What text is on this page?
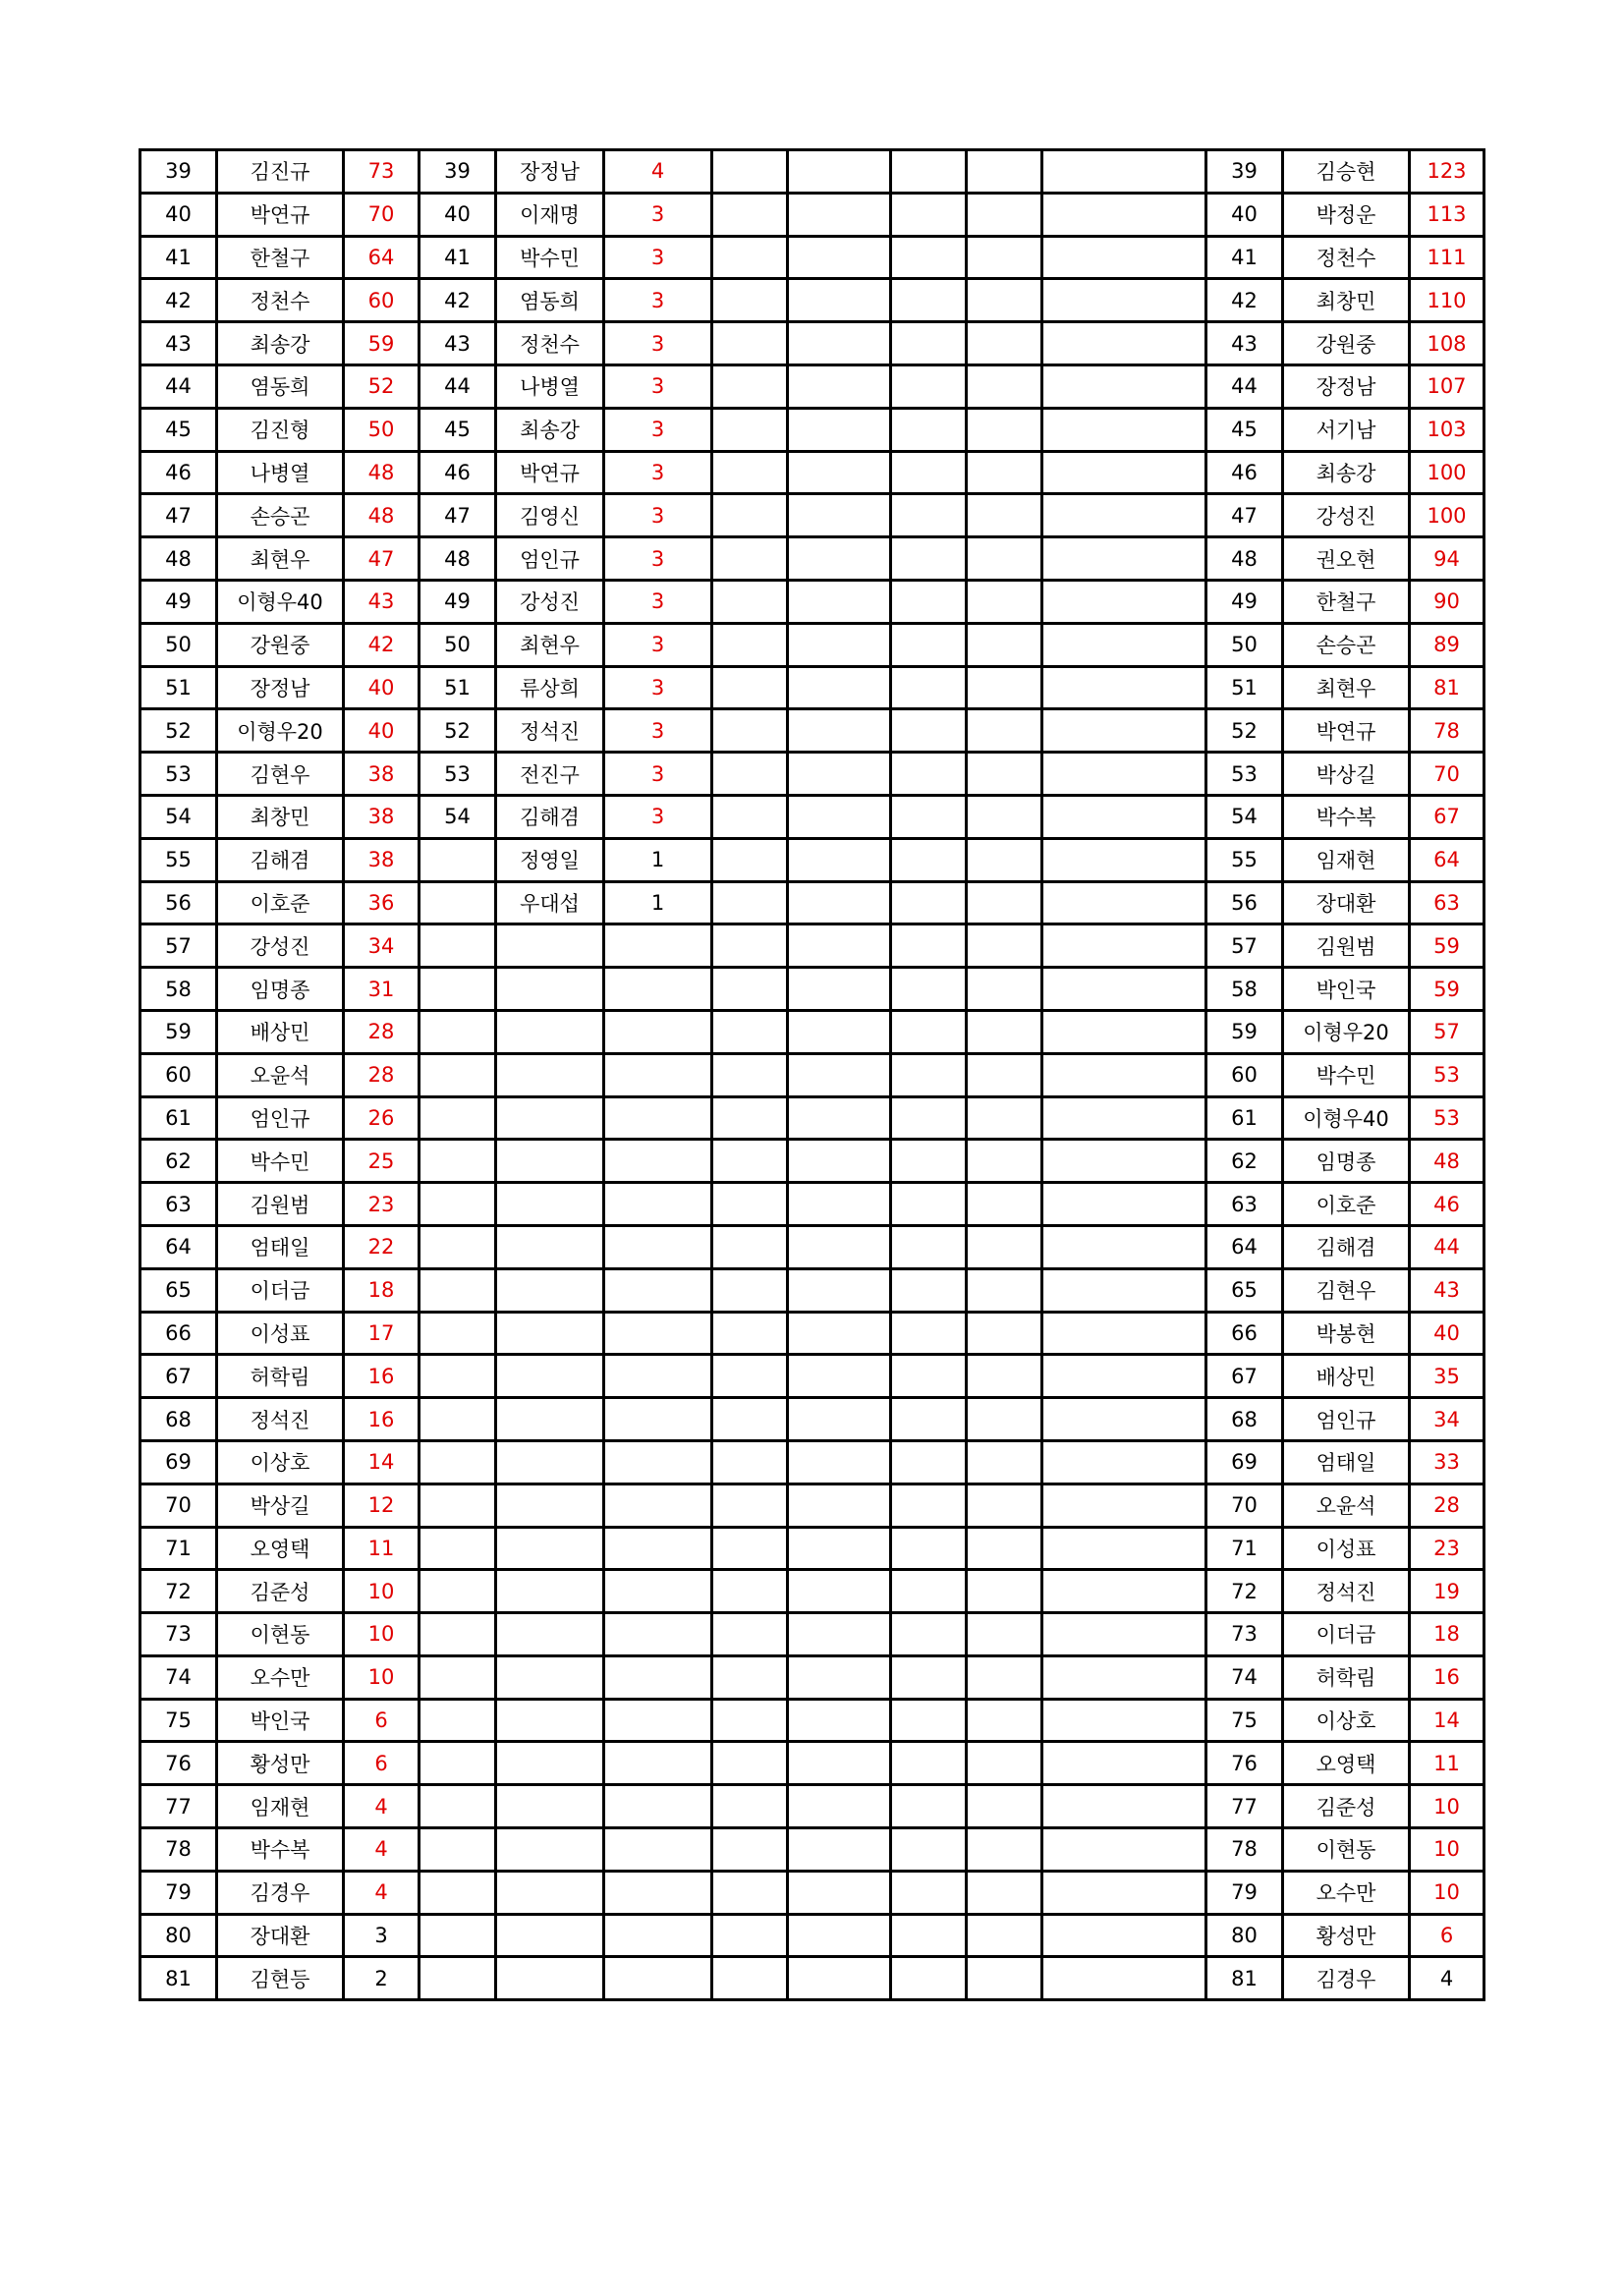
39	김진규	73	39	장정남	4						39	김승현	123
40	박연규	70	40	이재명	3						40	박정운	113
41	한철구	64	41	박수민	3						41	정천수	111
42	정천수	60	42	염동희	3						42	최창민	110
43	최송강	59	43	정천수	3						43	강원중	108
44	염동희	52	44	나병열	3						44	장정남	107
45	김진형	50	45	최송강	3						45	서기남	103
46	나병열	48	46	박연규	3						46	최송강	100
47	손승곤	48	47	김영신	3						47	강성진	100
48	최현우	47	48	엄인규	3						48	권오현	94
49	이형우40	43	49	강성진	3						49	한철구	90
50	강원중	42	50	최현우	3						50	손승곤	89
51	장정남	40	51	류상희	3						51	최현우	81
52	이형우20	40	52	정석진	3						52	박연규	78
53	김현우	38	53	전진구	3						53	박상길	70
54	최창민	38	54	김해겸	3						54	박수복	67
55	김해겸	38		정영일	1						55	임재현	64
56	이호준	36		우대섭	1						56	장대환	63
57	강성진	34									57	김원범	59
58	임명종	31									58	박인국	59
59	배상민	28									59	이형우20	57
60	오윤석	28									60	박수민	53
61	엄인규	26									61	이형우40	53
62	박수민	25									62	임명종	48
63	김원범	23									63	이호준	46
64	엄태일	22									64	김해겸	44
65	이더금	18									65	김현우	43
66	이성표	17									66	박봉현	40
67	허학림	16									67	배상민	35
68	정석진	16									68	엄인규	34
69	이상호	14									69	엄태일	33
70	박상길	12									70	오윤석	28
71	오영택	11									71	이성표	23
72	김준성	10									72	정석진	19
73	이현동	10									73	이더금	18
74	오수만	10									74	허학림	16
75	박인국	6									75	이상호	14
76	황성만	6									76	오영택	11
77	임재현	4									77	김준성	10
78	박수복	4									78	이현동	10
79	김경우	4									79	오수만	10
80	장대환	3									80	황성만	6
81	김현등	2									81	김경우	4
